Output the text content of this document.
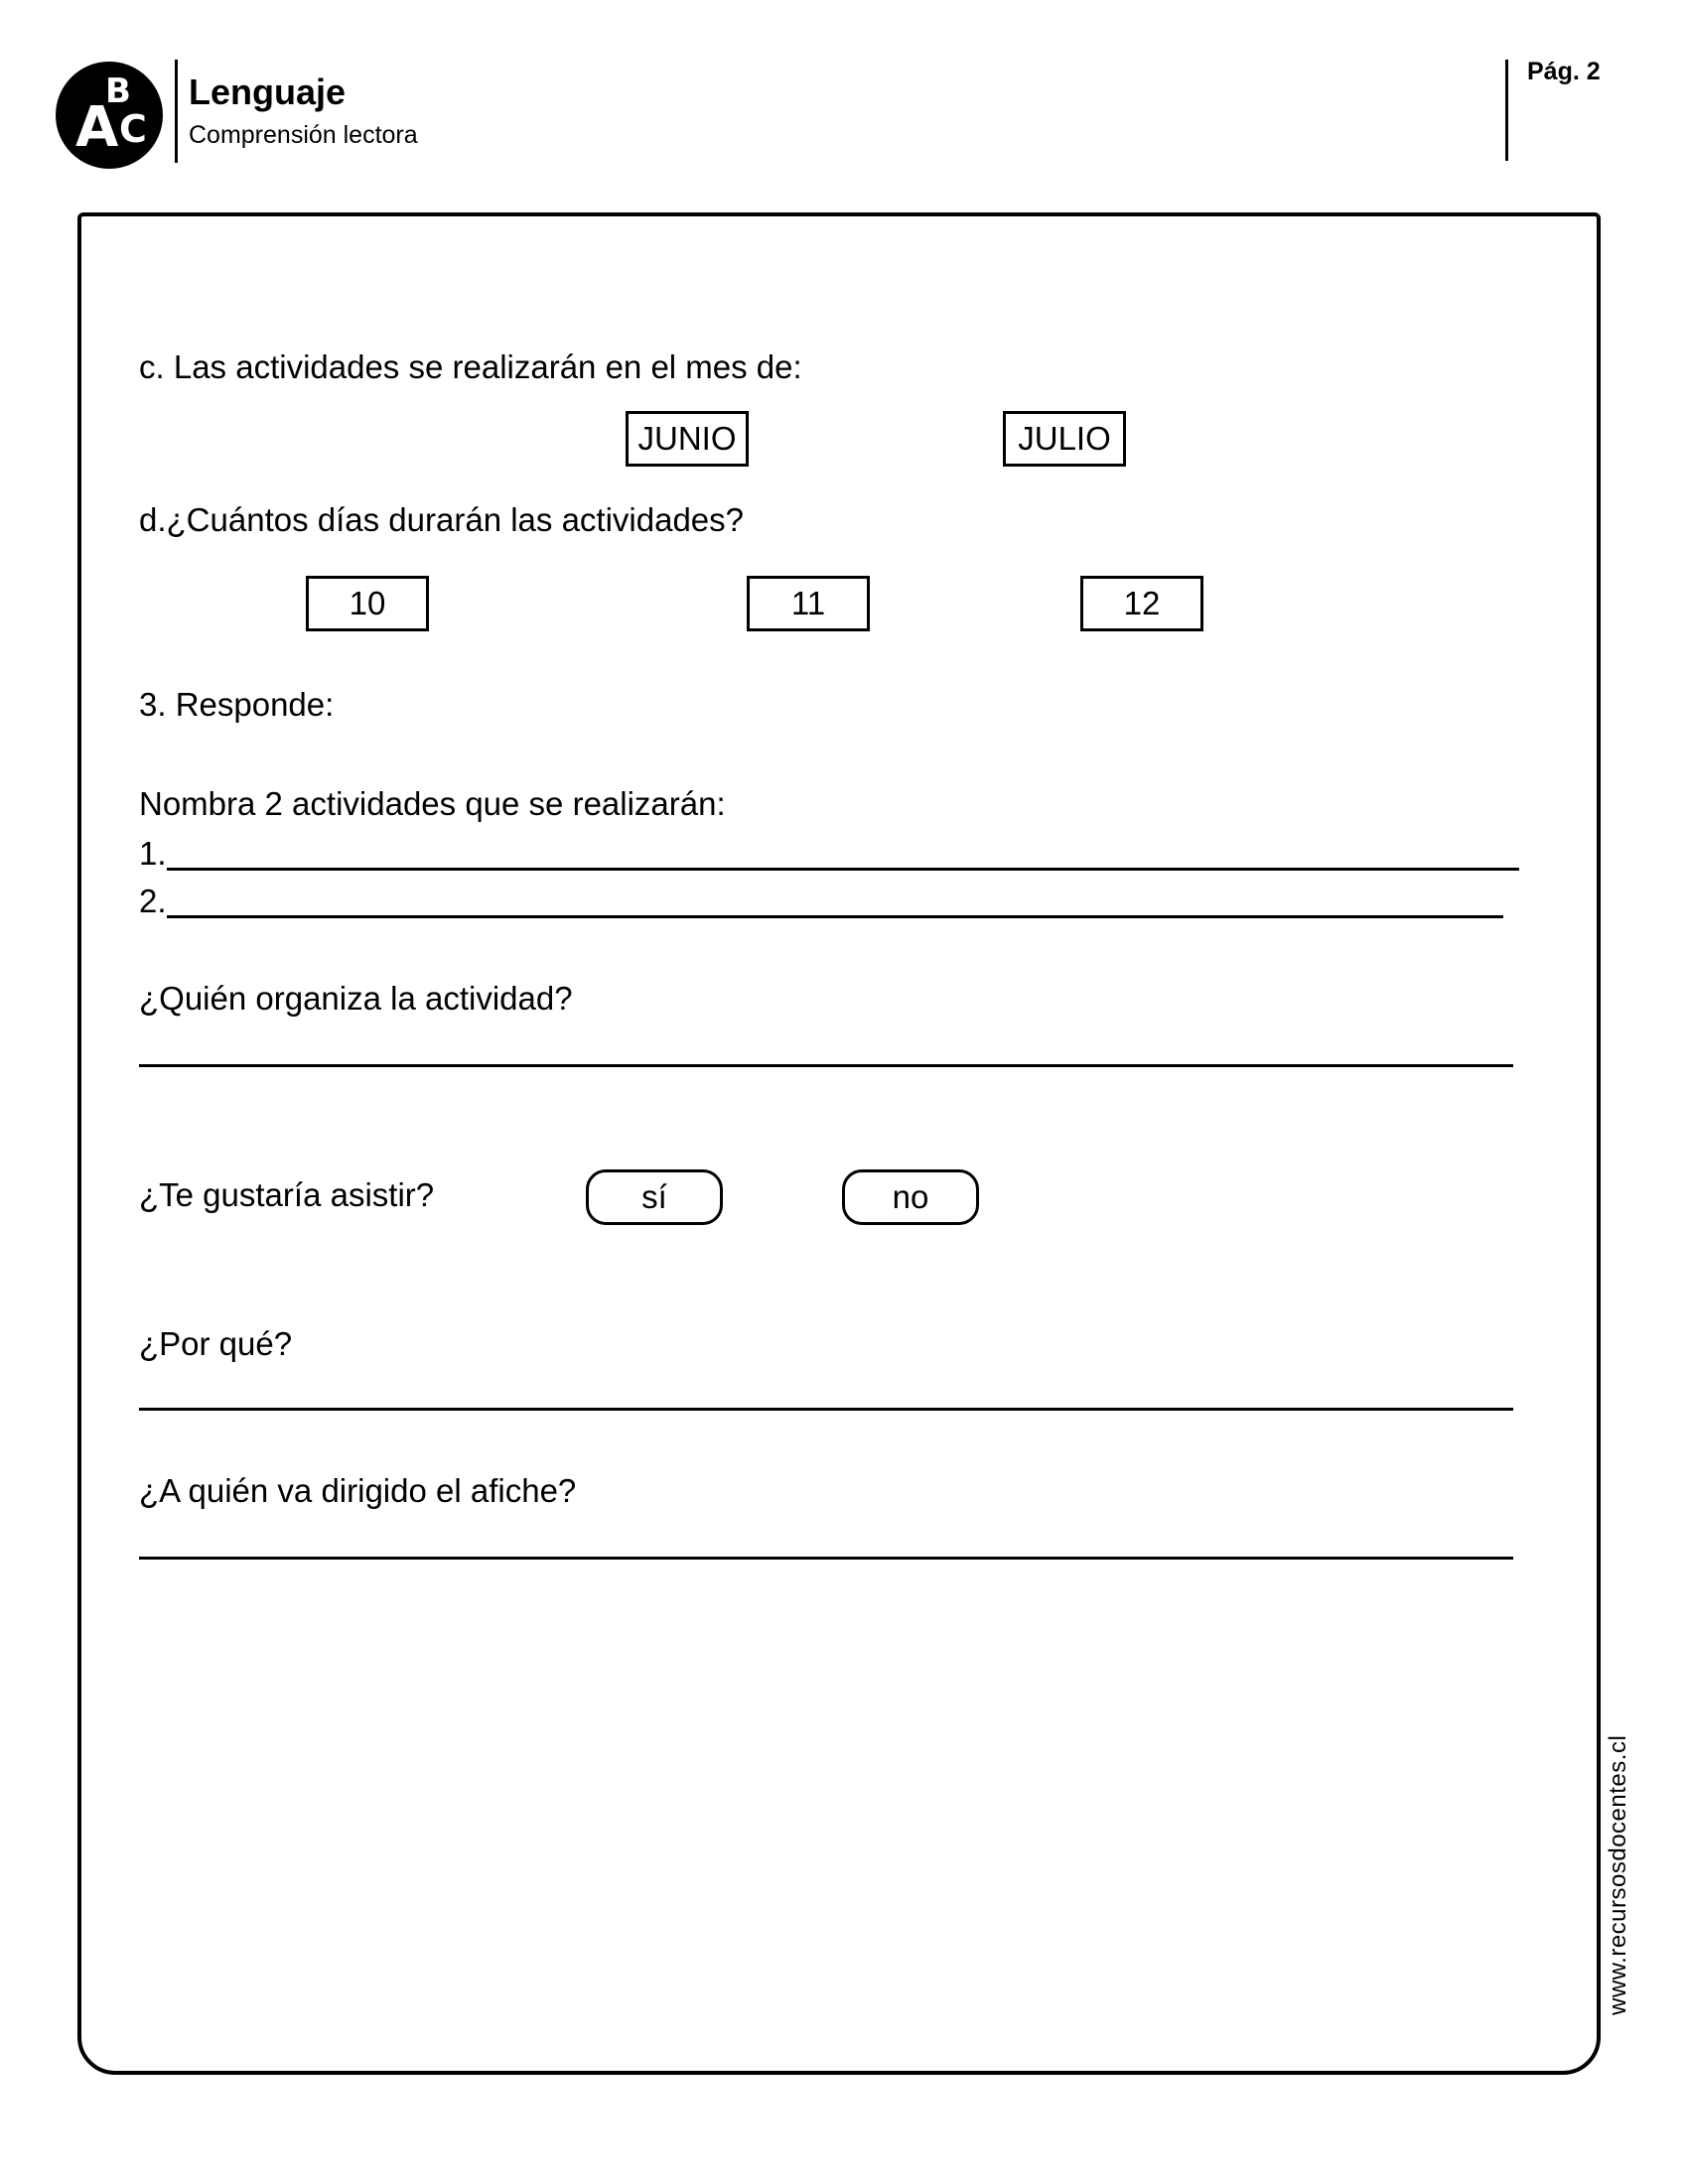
A
B
C
Lenguaje
Comprensión lectora
Pág. 2
c. Las actividades se realizarán en el mes de:
JUNIO	JULIO
d.¿Cuántos días durarán las actividades?
10	11	12
3. Responde:
Nombra 2 actividades que se realizarán:
1.
2.
¿Quién organiza la actividad?
¿Te gustaría asistir?	sí	no
¿Por qué?
¿A quién va dirigido el afiche?
www.recursosdocentes.cl
